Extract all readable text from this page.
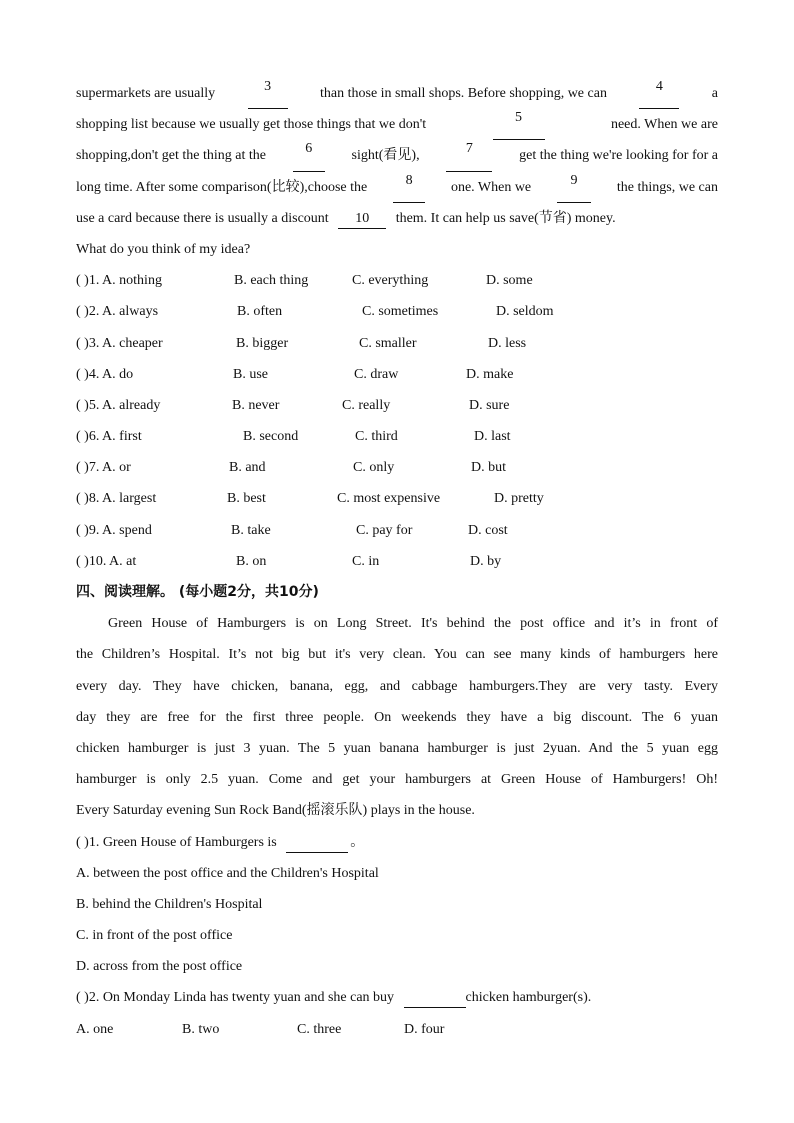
supermarkets are usually	3	than those in small shops. Before shopping, we can	4	a
shopping list because we usually get those things that we don't	5	need. When we are
shopping,don't get the thing at the	6	sight(看见),	7	get the thing we're looking for for a
long time. After some comparison(比较),choose the	8	one. When we	9	the things, we can
use a card because there is usually a discount 10 them. It can help us save(节省) money.
What do you think of my idea?
( )1. A. nothing	B. each thing	C. everything	D. some
( )2. A. always	B. often	C. sometimes	D. seldom
( )3. A. cheaper	B. bigger	C. smaller	D. less
( )4. A. do	B. use	C. draw	D. make
( )5. A. already	B. never	C. really	D. sure
( )6. A. first	B. second	C. third	D. last
( )7. A. or	B. and	C. only	D. but
( )8. A. largest	B. best	C. most expensive	D. pretty
( )9. A. spend	B. take	C. pay for	D. cost
( )10. A. at	B. on	C. in	D. by
四、阅读理解。 (每小题2分，共10分)
Green House of Hamburgers is on Long Street. It's behind the post office and it’s in front of
the Children’s Hospital. It’s not big but it's very clean. You can see many kinds of hamburgers here
every day. They have chicken, banana, egg, and cabbage hamburgers.They are very tasty. Every
day they are free for the first three people. On weekends they have a big discount. The 6 yuan
chicken hamburger is just 3 yuan. The 5 yuan banana hamburger is just 2yuan. And the 5 yuan egg
hamburger is only 2.5 yuan. Come and get your hamburgers at Green House of Hamburgers! Oh!
Every Saturday evening Sun Rock Band(摇滚乐队) plays in the house.
( )1. Green House of Hamburgers is	。
A. between the post office and the Children's Hospital
B. behind the Children's Hospital
C. in front of the post office
D. across from the post office
( )2. On Monday Linda has twenty yuan and she can buy	chicken hamburger(s).
A. one	B. two	C. three	D. four
